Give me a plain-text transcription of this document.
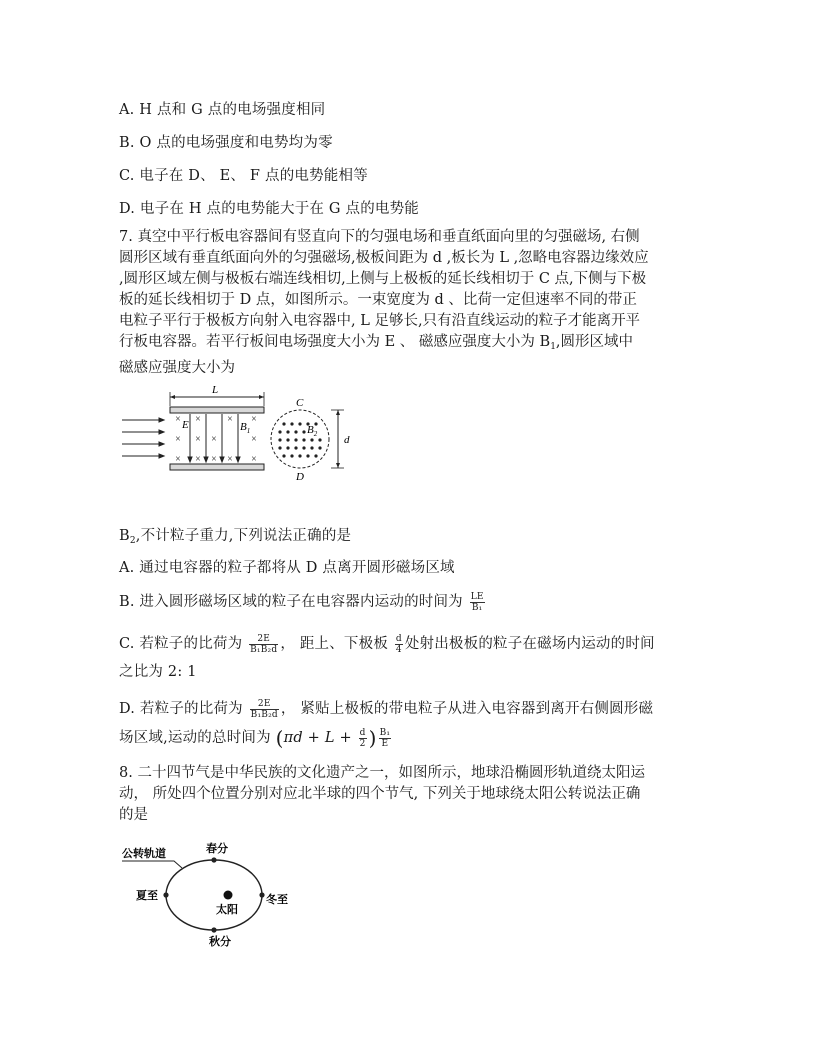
A. H 点和 G 点的电场强度相同
B. O 点的电场强度和电势均为零
C. 电子在 D、 E、 F 点的电势能相等
D. 电子在 H 点的电势能大于在 G 点的电势能
7. 真空中平行板电容器间有竖直向下的匀强电场和垂直纸面向里的匀强磁场, 右侧
圆形区域有垂直纸面向外的匀强磁场,极板间距为 d ,板长为 L ,忽略电容器边缘效应
,圆形区域左侧与极板右端连线相切,上侧与上极板的延长线相切于 C 点,下侧与下极
板的延长线相切于 D 点，如图所示。一束宽度为 d 、比荷一定但速率不同的带正
电粒子平行于极板方向射入电容器中, L 足够长,只有沿直线运动的粒子才能离开平
行板电容器。若平行板间电场强度大小为 E 、 磁感应强度大小为 $B_1$,圆形区域中
磁感应强度大小为
L
×
×
×
×
×
×
×
×
×
×
×
×
×
E	$B_1$	$B_2$
C
D
d
$B_2$,不计粒子重力,下列说法正确的是
A. 通过电容器的粒子都将从 D 点离开圆形磁场区域
B. 进入圆形磁场区域的粒子在电容器内运动的时间为 $\frac{LE}{\text{B₁}}$
C. 若粒子的比荷为 $\frac{2E}{\text{B₁B₂d}}$ ， 距上、下极板 $\frac{d}{4}$ 处射出极板的粒子在磁场内运动的时间
之比为 2: 1
D. 若粒子的比荷为 $\frac{2E}{\text{B₁B₂d}}$ ， 紧贴上极板的带电粒子从进入电容器到离开右侧圆形磁
场区域,运动的总时间为 ($\pi d + L + \frac{d}{2}$ ) $\frac{\text{B₁}}{E}$
8. 二十四节气是中华民族的文化遗产之一，如图所示，地球沿椭圆形轨道绕太阳运
动， 所处四个位置分别对应北半球的四个节气, 下列关于地球绕太阳公转说法正确
的是
公转轨道	春分
夏至	冬至
秋分
太阳
